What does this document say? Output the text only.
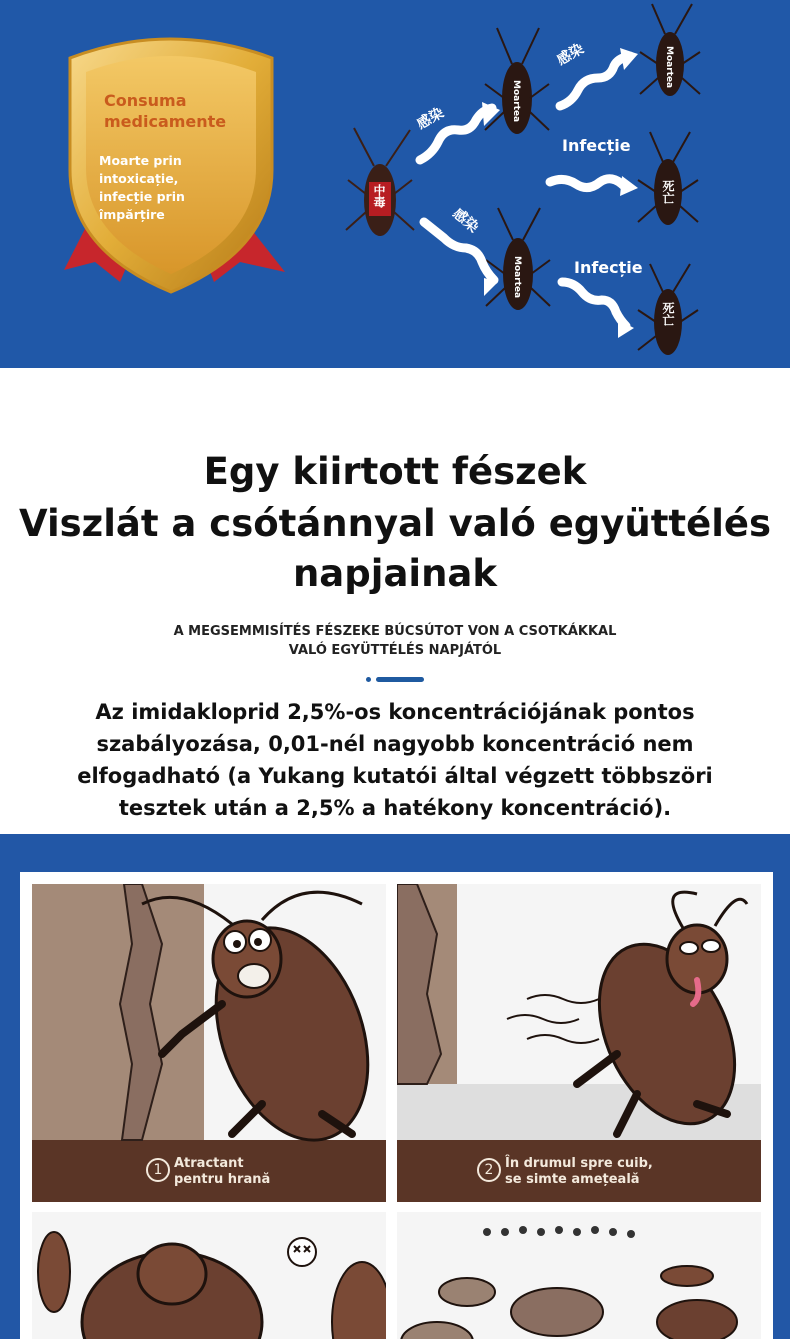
Consuma medicamente
Moarte prin intoxicație, infecție prin împărțire
中毒
Moartea
Moartea
Moartea
死亡
死亡
感染
感染
感染
Infecție
Infecție
Egy kiirtott fészek
Viszlát a csótánnyal való együttélés
napjainak
A MEGSEMMISÍTÉS FÉSZEKE BÚCSÚTOT VON A CSOTKÁKKAL
VALÓ EGYÜTTÉLÉS NAPJÁTÓL
Az imidakloprid 2,5%-os koncentrációjának pontos
szabályozása, 0,01-nél nagyobb koncentráció nem
elfogadható (a Yukang kutatói által végzett többszöri
tesztek után a 2,5% a hatékony koncentráció).
1 Atractant
pentru hrană
2 În drumul spre cuib,
se simte amețeală
